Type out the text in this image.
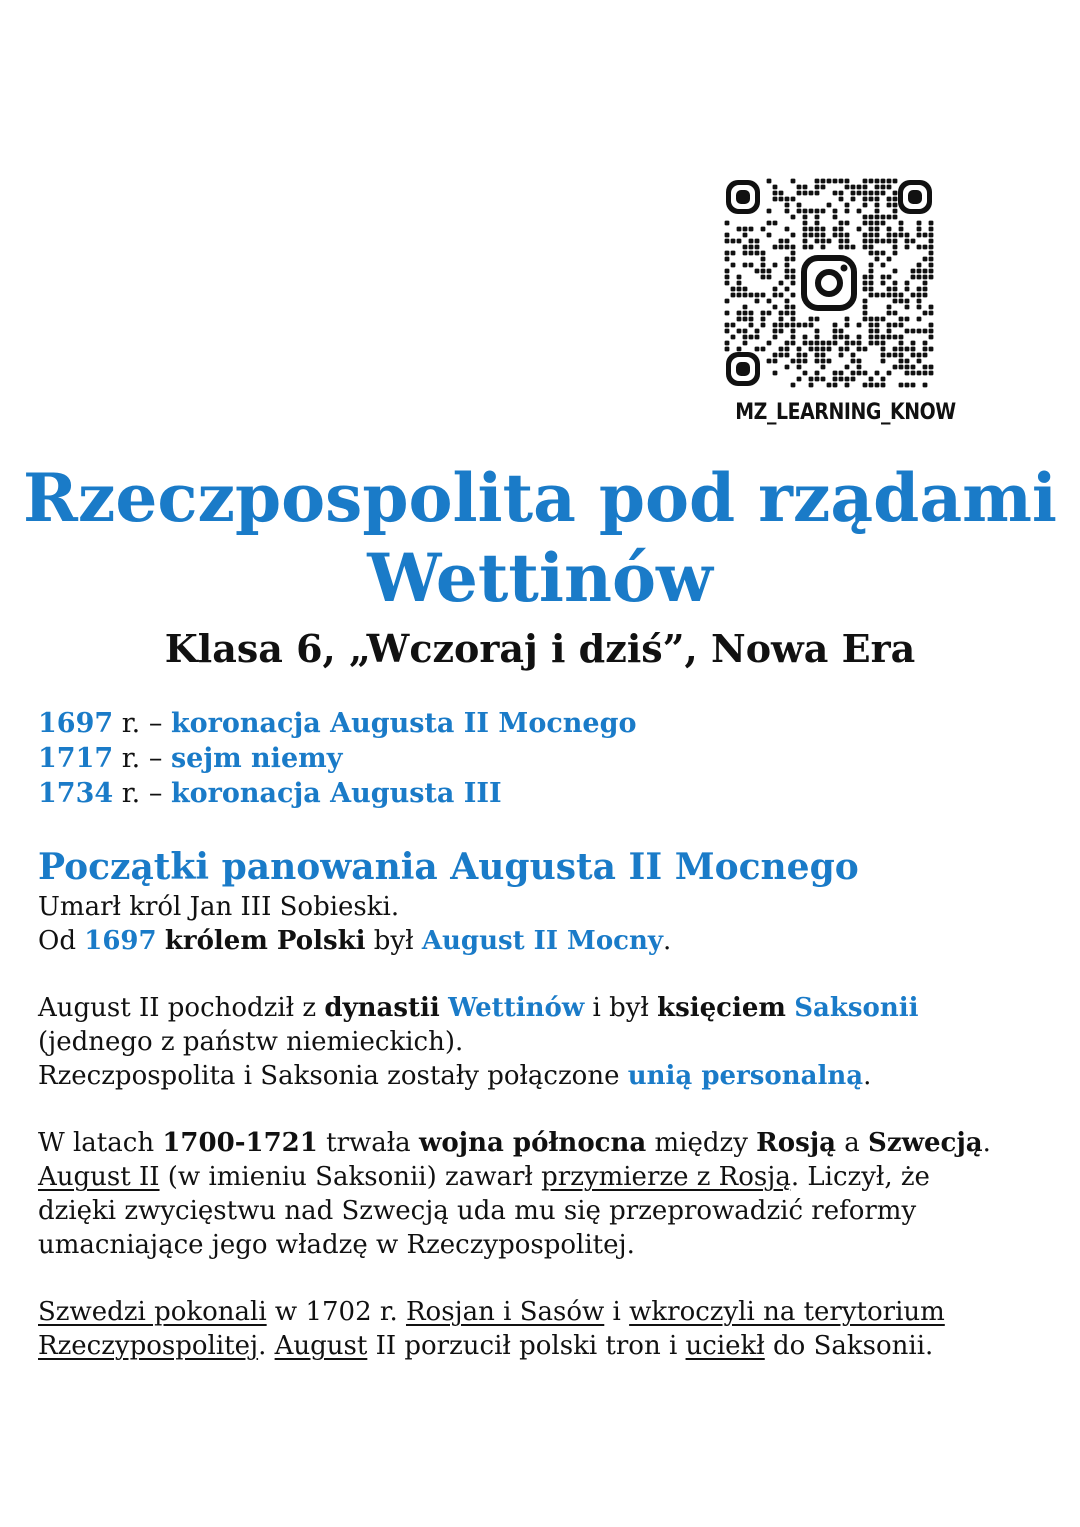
MZ_LEARNING_KNOW
Rzeczpospolita pod rządami Wettinów

Klasa 6, „Wczoraj i dziś”, Nowa Era

1697 r. – koronacja Augusta II Mocnego
1717 r. – sejm niemy
1734 r. – koronacja Augusta III
Początki panowania Augusta II Mocnego
Umarł król Jan III Sobieski.
Od 1697 królem Polski był August II Mocny.
August II pochodził z dynastii Wettinów i był księciem Saksonii
(jednego z państw niemieckich).
Rzeczpospolita i Saksonia zostały połączone unią personalną.
W latach 1700-1721 trwała wojna północna między Rosją a Szwecją.
August II (w imieniu Saksonii) zawarł przymierze z Rosją. Liczył, że
dzięki zwycięstwu nad Szwecją uda mu się przeprowadzić reformy
umacniające jego władzę w Rzeczypospolitej.
Szwedzi pokonali w 1702 r. Rosjan i Sasów i wkroczyli na terytorium
Rzeczypospolitej. August II porzucił polski tron i uciekł do Saksonii.
